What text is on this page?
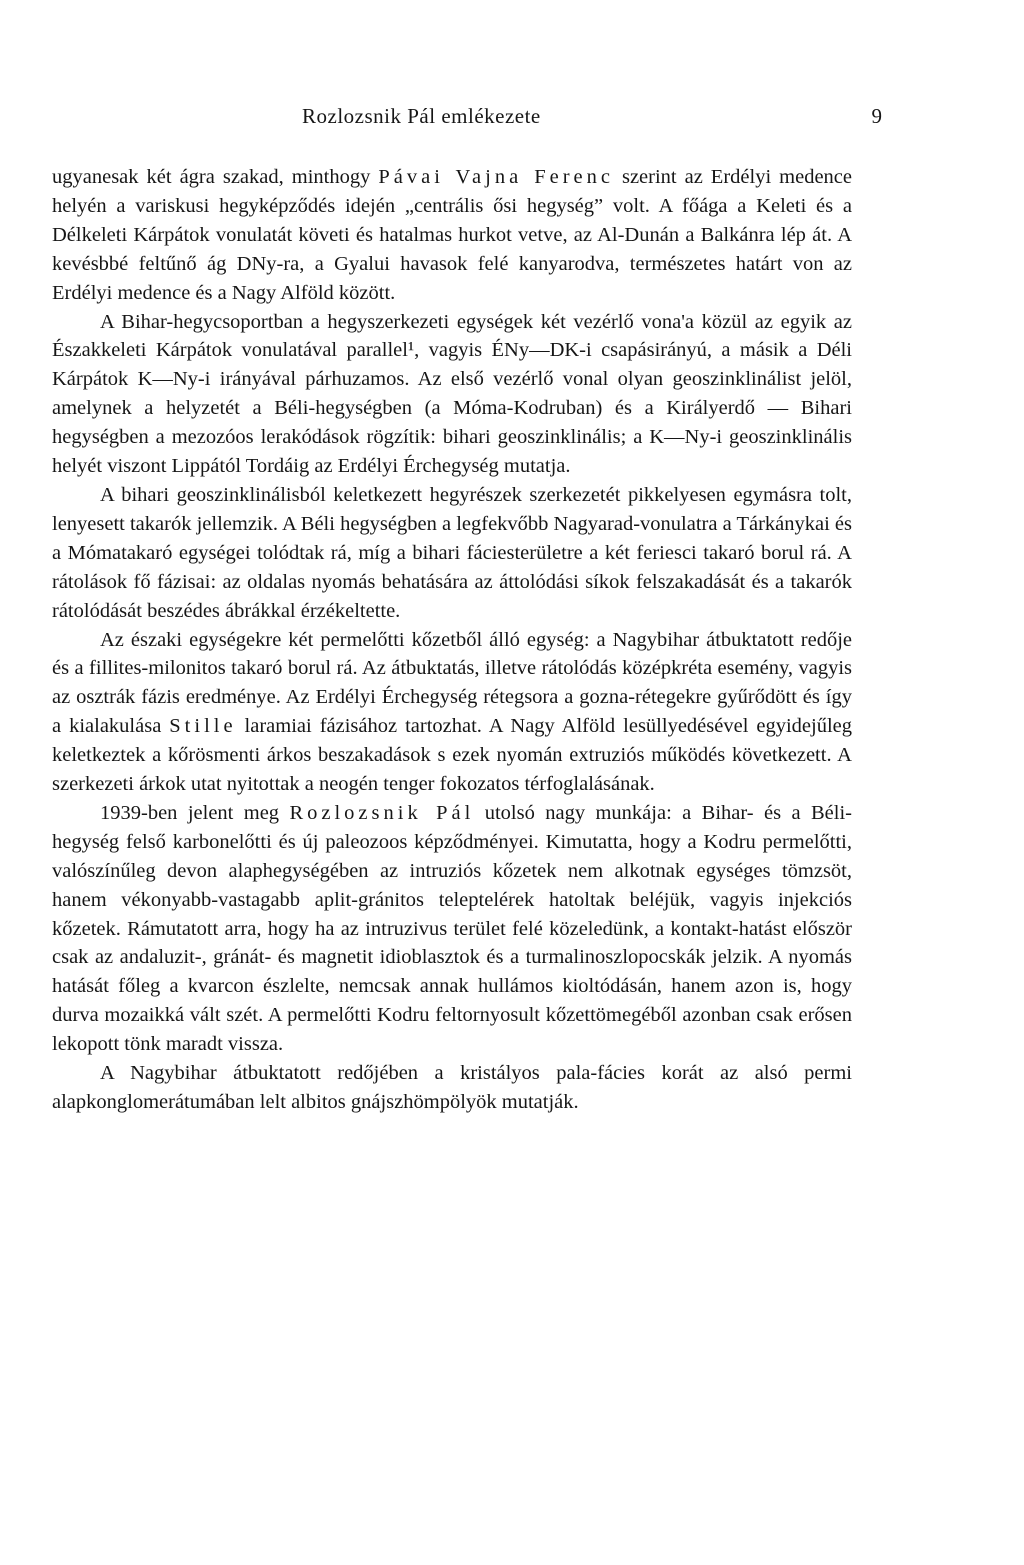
Rozlozsnik Pál emlékezete	9

ugyanesak két ágra szakad, minthogy Pávai Vajna Ferenc szerint az Erdélyi medence helyén a variskusi hegyképződés idején „centrális ősi hegység” volt. A főága a Keleti és a Délkeleti Kárpátok vonulatát követi és hatalmas hurkot vetve, az Al-Dunán a Balkánra lép át. A kevésbbé feltűnő ág DNy-ra, a Gyalui havasok felé kanyarodva, természetes határt von az Erdélyi medence és a Nagy Alföld között.

A Bihar-hegycsoportban a hegyszerkezeti egységek két vezérlő vona'a közül az egyik az Északkeleti Kárpátok vonulatával parallel¹, vagyis ÉNy—DK-i csapásirányú, a másik a Déli Kárpátok K—Ny-i irányával párhuzamos. Az első vezérlő vonal olyan geoszinklinálist jelöl, amelynek a helyzetét a Béli-hegységben (a Móma-Kodruban) és a Királyerdő — Bihari hegységben a mezozóos lerakódások rögzítik: bihari geoszinklinális; a K—Ny-i geoszinklinális helyét viszont Lippától Tordáig az Erdélyi Érchegység mutatja.

A bihari geoszinklinálisból keletkezett hegyrészek szerkezetét pikkelyesen egymásra tolt, lenyesett takarók jellemzik. A Béli hegységben a legfekvőbb Nagyarad-vonulatra a Tárkánykai és a Mómatakaró egységei tolódtak rá, míg a bihari fáciesterületre a két feriesci takaró borul rá. A rátolások fő fázisai: az oldalas nyomás behatására az áttolódási síkok felszakadását és a takarók rátolódását beszédes ábrákkal érzékeltette.

Az északi egységekre két permelőtti kőzetből álló egység: a Nagybihar átbuktatott redője és a fillites-milonitos takaró borul rá. Az átbuktatás, illetve rátolódás középkréta esemény, vagyis az osztrák fázis eredménye. Az Erdélyi Érchegység rétegsora a gozna-rétegekre gyűrődött és így a kialakulása Stille laramiai fázisához tartozhat. A Nagy Alföld lesüllyedésével egyidejűleg keletkeztek a kőrösmenti árkos beszakadások s ezek nyomán extruziós működés következett. A szerkezeti árkok utat nyitottak a neogén tenger fokozatos térfoglalásának.

1939-ben jelent meg Rozlozsnik Pál utolsó nagy munkája: a Bihar- és a Béli-hegység felső karbonelőtti és új paleozoos képződményei. Kimutatta, hogy a Kodru permelőtti, valószínűleg devon alaphegységében az intruziós kőzetek nem alkotnak egységes tömzsöt, hanem vékonyabb-vastagabb aplit-gránitos teleptelérek hatoltak beléjük, vagyis injekciós kőzetek. Rámutatott arra, hogy ha az intruzivus terület felé közeledünk, a kontakt-hatást először csak az andaluzit-, gránát- és magnetit idioblasztok és a turmalinoszlopocskák jelzik. A nyomás hatását főleg a kvarcon észlelte, nemcsak annak hullámos kioltódásán, hanem azon is, hogy durva mozaikká vált szét. A permelőtti Kodru feltornyosult kőzettömegéből azonban csak erősen lekopott tönk maradt vissza.

A Nagybihar átbuktatott redőjében a kristályos pala-fácies korát az alsó permi alapkonglomerátumában lelt albitos gnájszhömpölyök mutatják.
